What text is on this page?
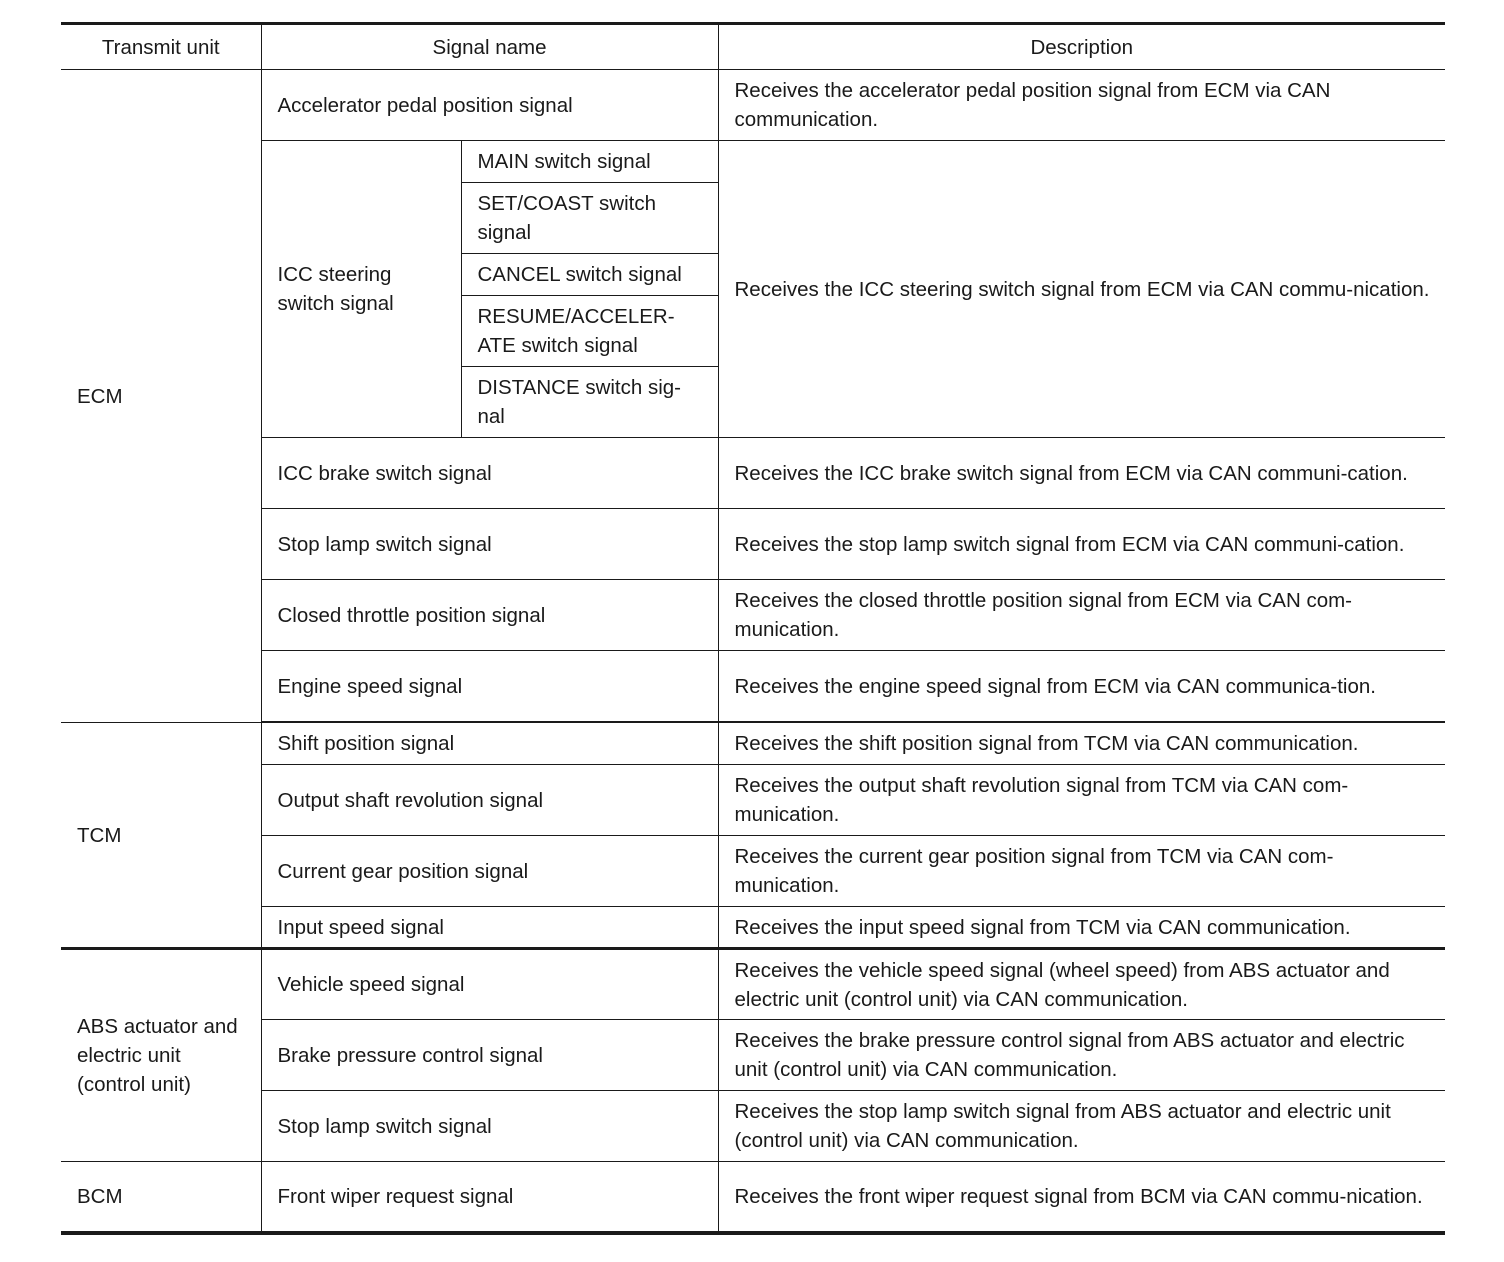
Transmit unit	Signal name		Description
ECM	Accelerator pedal position signal		Receives the accelerator pedal position signal from ECM via CAN communication.
	ICC steering switch signal	MAIN switch signal	Receives the ICC steering switch signal from ECM via CAN commu-nication.
		SET/COAST switch signal	
		CANCEL switch signal	
		RESUME/ACCELER-ATE switch signal	
		DISTANCE switch sig-nal	
	ICC brake switch signal		Receives the ICC brake switch signal from ECM via CAN communi-cation.
	Stop lamp switch signal		Receives the stop lamp switch signal from ECM via CAN communi-cation.
	Closed throttle position signal		Receives the closed throttle position signal from ECM via CAN com-munication.
	Engine speed signal		Receives the engine speed signal from ECM via CAN communica-tion.

TCM	Shift position signal		Receives the shift position signal from TCM via CAN communication.
	Output shaft revolution signal		Receives the output shaft revolution signal from TCM via CAN com-munication.
	Current gear position signal		Receives the current gear position signal from TCM via CAN com-munication.
	Input speed signal		Receives the input speed signal from TCM via CAN communication.
ABS actuator and electric unit (control unit)	Vehicle speed signal		Receives the vehicle speed signal (wheel speed) from ABS actuator and electric unit (control unit) via CAN communication.
	Brake pressure control signal		Receives the brake pressure control signal from ABS actuator and electric unit (control unit) via CAN communication.
	Stop lamp switch signal		Receives the stop lamp switch signal from ABS actuator and electric unit (control unit) via CAN communication.
BCM	Front wiper request signal		Receives the front wiper request signal from BCM via CAN commu-nication.
